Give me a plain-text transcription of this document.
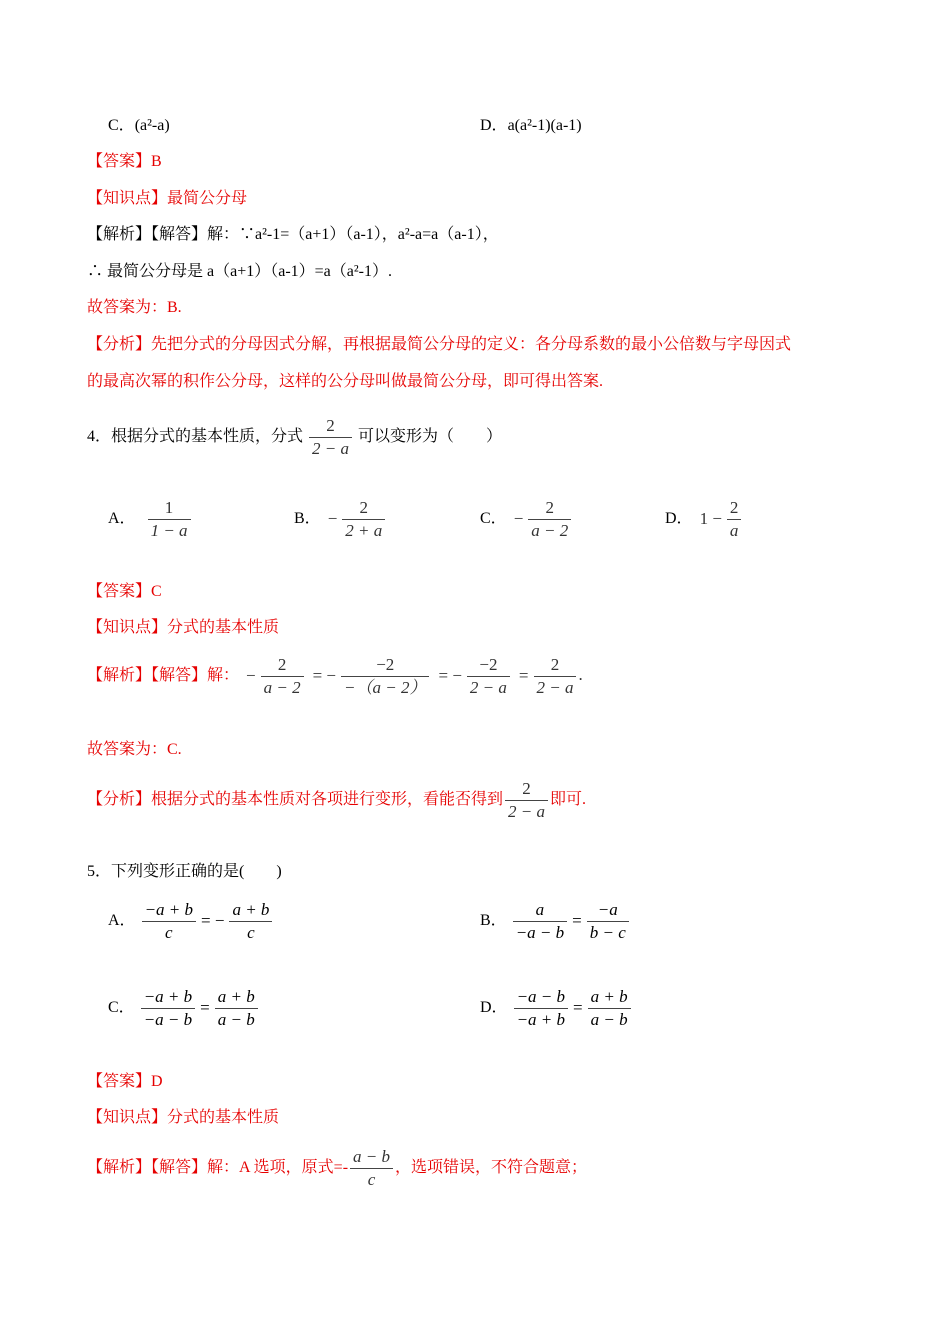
C．(a²-a)	D．a(a²-1)(a-1)
【答案】B
【知识点】最简公分母
【解析】【解答】解：∵a²-1=（a+1）（a-1），a²-a=a（a-1），
∴ 最简公分母是 a（a+1）（a-1）=a（a²-1）.
故答案为：B.
【分析】先把分式的分母因式分解，再根据最简公分母的定义：各分母系数的最小公倍数与字母因式
的最高次幂的积作公分母，这样的公分母叫做最简公分母，即可得出答案.
4．根据分式的基本性质，分式 $\frac{2}{2 - a}$ 可以变形为（　　）
A． $\frac{1}{1 - a}$	B． − $\frac{2}{2 + a}$	C． − $\frac{2}{a - 2}$	D． $1 - \frac{2}{a}$
【答案】C
【知识点】分式的基本性质
【解析】【解答】解： − $\frac{2}{a - 2}$ = − $\frac{-2}{-(a - 2)}$ = − $\frac{-2}{2 - a} = \frac{2}{2 - a}$ .
故答案为：C.
【分析】根据分式的基本性质对各项进行变形，看能否得到 $\frac{2}{2 - a}$ 即可.
5．下列变形正确的是(　　)
A． $\frac{-a + b}{c}$ = − $\frac{a + b}{c}$	B． $\frac{a}{-a - b} = \frac{-a}{b - c}$
C． $\frac{-a + b}{-a - b} = \frac{a + b}{a - b}$	D． $\frac{-a - b}{-a + b} = \frac{a + b}{a - b}$
【答案】D
【知识点】分式的基本性质
【解析】【解答】解：A 选项，原式=- $\frac{a - b}{c}$ ，选项错误，不符合题意；
